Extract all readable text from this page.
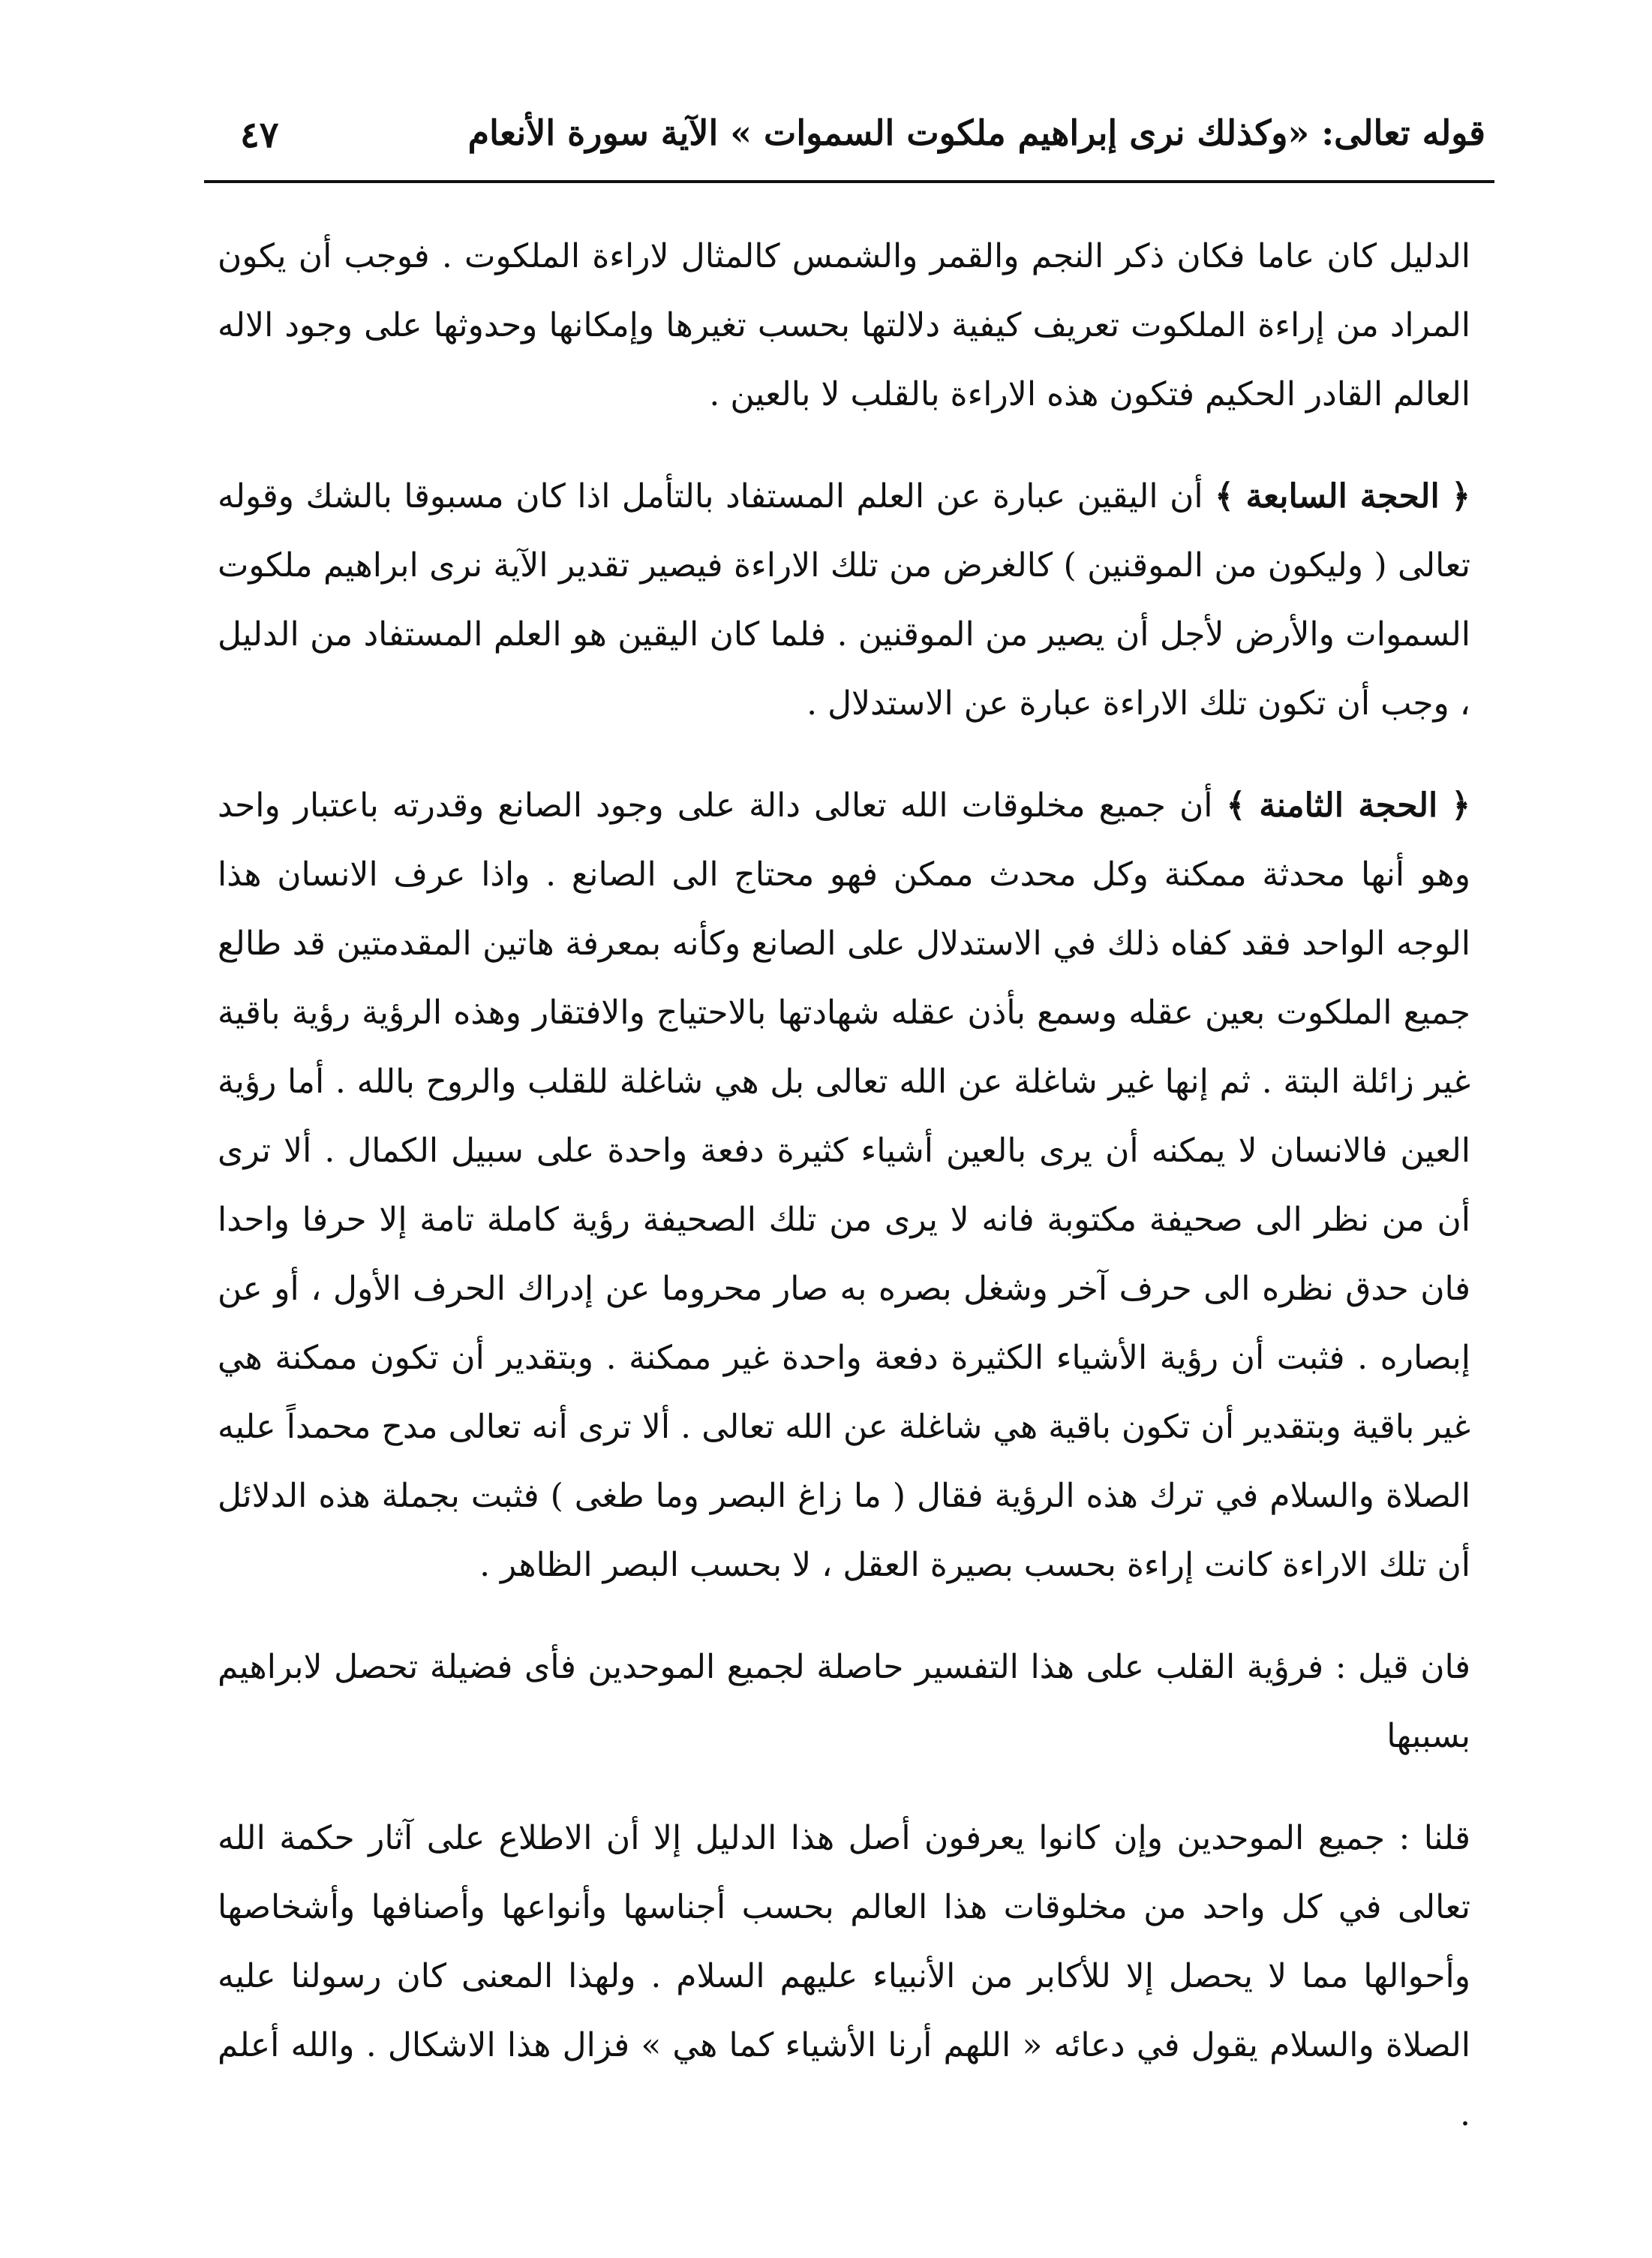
قوله تعالى: «وكذلك نرى إبراهيم ملكوت السموات » الآية سورة الأنعام
٤٧

الدليل كان عاما فكان ذكر النجم والقمر والشمس كالمثال لاراءة الملكوت . فوجب أن يكون المراد من إراءة الملكوت تعريف كيفية دلالتها بحسب تغيرها وإمكانها وحدوثها على وجود الاله العالم القادر الحكيم فتكون هذه الاراءة بالقلب لا بالعين .

﴿ الحجة السابعة ﴾ أن اليقين عبارة عن العلم المستفاد بالتأمل اذا كان مسبوقا بالشك وقوله تعالى ( وليكون من الموقنين ) كالغرض من تلك الاراءة فيصير تقدير الآية نرى ابراهيم ملكوت السموات والأرض لأجل أن يصير من الموقنين . فلما كان اليقين هو العلم المستفاد من الدليل ، وجب أن تكون تلك الاراءة عبارة عن الاستدلال .

﴿ الحجة الثامنة ﴾ أن جميع مخلوقات الله تعالى دالة على وجود الصانع وقدرته باعتبار واحد وهو أنها محدثة ممكنة وكل محدث ممكن فهو محتاج الى الصانع . واذا عرف الانسان هذا الوجه الواحد فقد كفاه ذلك في الاستدلال على الصانع وكأنه بمعرفة هاتين المقدمتين قد طالع جميع الملكوت بعين عقله وسمع بأذن عقله شهادتها بالاحتياج والافتقار وهذه الرؤية رؤية باقية غير زائلة البتة . ثم إنها غير شاغلة عن الله تعالى بل هي شاغلة للقلب والروح بالله . أما رؤية العين فالانسان لا يمكنه أن يرى بالعين أشياء كثيرة دفعة واحدة على سبيل الكمال . ألا ترى أن من نظر الى صحيفة مكتوبة فانه لا يرى من تلك الصحيفة رؤية كاملة تامة إلا حرفا واحدا فان حدق نظره الى حرف آخر وشغل بصره به صار محروما عن إدراك الحرف الأول ، أو عن إبصاره . فثبت أن رؤية الأشياء الكثيرة دفعة واحدة غير ممكنة . وبتقدير أن تكون ممكنة هي غير باقية وبتقدير أن تكون باقية هي شاغلة عن الله تعالى . ألا ترى أنه تعالى مدح محمداً عليه الصلاة والسلام في ترك هذه الرؤية فقال ( ما زاغ البصر وما طغى ) فثبت بجملة هذه الدلائل أن تلك الاراءة كانت إراءة بحسب بصيرة العقل ، لا بحسب البصر الظاهر .

فان قيل : فرؤية القلب على هذا التفسير حاصلة لجميع الموحدين فأى فضيلة تحصل لابراهيم بسببها

قلنا : جميع الموحدين وإن كانوا يعرفون أصل هذا الدليل إلا أن الاطلاع على آثار حكمة الله تعالى في كل واحد من مخلوقات هذا العالم بحسب أجناسها وأنواعها وأصنافها وأشخاصها وأحوالها مما لا يحصل إلا للأكابر من الأنبياء عليهم السلام . ولهذا المعنى كان رسولنا عليه الصلاة والسلام يقول في دعائه « اللهم أرنا الأشياء كما هي » فزال هذا الاشكال . والله أعلم .
